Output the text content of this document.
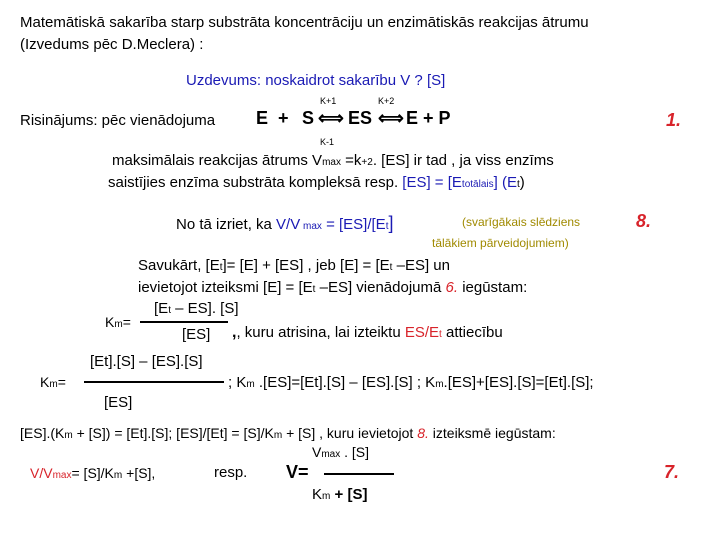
Matemātiskā sakarība starp substrāta koncentrāciju un enzimātiskās reakcijas ātrumu
(Izvedums pēc D.Meclera) :
Uzdevums: noskaidrot sakarību V ? [S]
K+1	K+2
Risinājums: pēc vienādojuma E + S ⟺ ES ⟺ E + P	1.
K-1
maksimālais reakcijas ātrums Vmax =k+2. [ES] ir tad , ja viss enzīms
saistījies enzīma substrāta kompleksā resp. [ES] = [Etotālais] (Et)
No tā izriet, ka V/V max = [ES]/[Et]	(svarīgākais slēdziens
tālākiem pārveidojumiem)
8.
Savukārt, [Et]= [E] + [ES] , jeb [E] = [Et –ES] un
ievietojot izteiksmi [E] = [Et –ES] vienādojumā 6. iegūstam:
[Et – ES]. [S]
Km=
[ES] ,, kuru atrisina, lai izteiktu ES/Et attiecību
[Et].[S] – [ES].[S]
Km=
[ES]
; Km .[ES]=[Et].[S] – [ES].[S] ; Km.[ES]+[ES].[S]=[Et].[S];
[ES].(Km + [S]) = [Et].[S]; [ES]/[Et] = [S]/Km + [S] , kuru ievietojot 8. izteiksmē iegūstam:
Vmax . [S]
V/Vmax= [S]/Km +[S],	resp. V=
Km + [S]
7.
